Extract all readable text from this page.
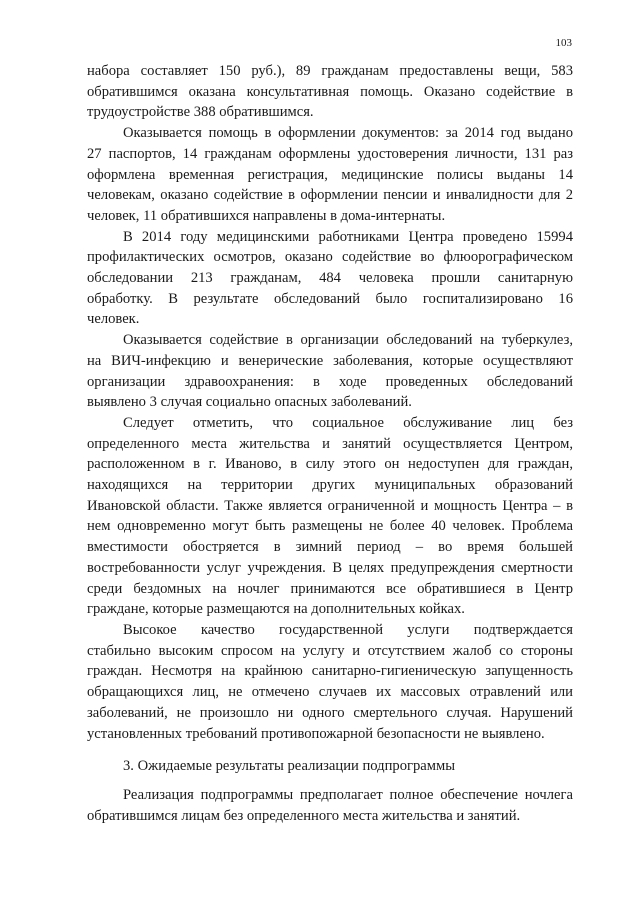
103
набора составляет 150 руб.), 89 гражданам предоставлены вещи, 583
обратившимся оказана консультативная помощь. Оказано содействие в
трудоустройстве 388 обратившимся.
Оказывается помощь в оформлении документов: за 2014 год выдано
27 паспортов, 14 гражданам оформлены удостоверения личности, 131 раз
оформлена временная регистрация, медицинские полисы выданы 14
человекам, оказано содействие в оформлении пенсии и инвалидности для 2
человек, 11 обратившихся направлены в дома-интернаты.
В 2014 году медицинскими работниками Центра проведено 15994
профилактических осмотров, оказано содействие во флюорографическом
обследовании 213 гражданам, 484 человека прошли санитарную
обработку. В результате обследований было госпитализировано 16
человек.
Оказывается содействие в организации обследований на туберкулез,
на ВИЧ-инфекцию и венерические заболевания, которые осуществляют
организации здравоохранения: в ходе проведенных обследований
выявлено 3 случая социально опасных заболеваний.
Следует отметить, что социальное обслуживание лиц без
определенного места жительства и занятий осуществляется Центром,
расположенном в г. Иваново, в силу этого он недоступен для граждан,
находящихся на территории других муниципальных образований
Ивановской области. Также является ограниченной и мощность Центра – в
нем одновременно могут быть размещены не более 40 человек. Проблема
вместимости обостряется в зимний период – во время большей
востребованности услуг учреждения. В целях предупреждения смертности
среди бездомных на ночлег принимаются все обратившиеся в Центр
граждане, которые размещаются на дополнительных койках.
Высокое качество государственной услуги подтверждается
стабильно высоким спросом на услугу и отсутствием жалоб со стороны
граждан. Несмотря на крайнюю санитарно-гигиеническую запущенность
обращающихся лиц, не отмечено случаев их массовых отравлений или
заболеваний, не произошло ни одного смертельного случая. Нарушений
установленных требований противопожарной безопасности не выявлено.
3. Ожидаемые результаты реализации подпрограммы
Реализация подпрограммы предполагает полное обеспечение ночлега
обратившимся лицам без определенного места жительства и занятий.
